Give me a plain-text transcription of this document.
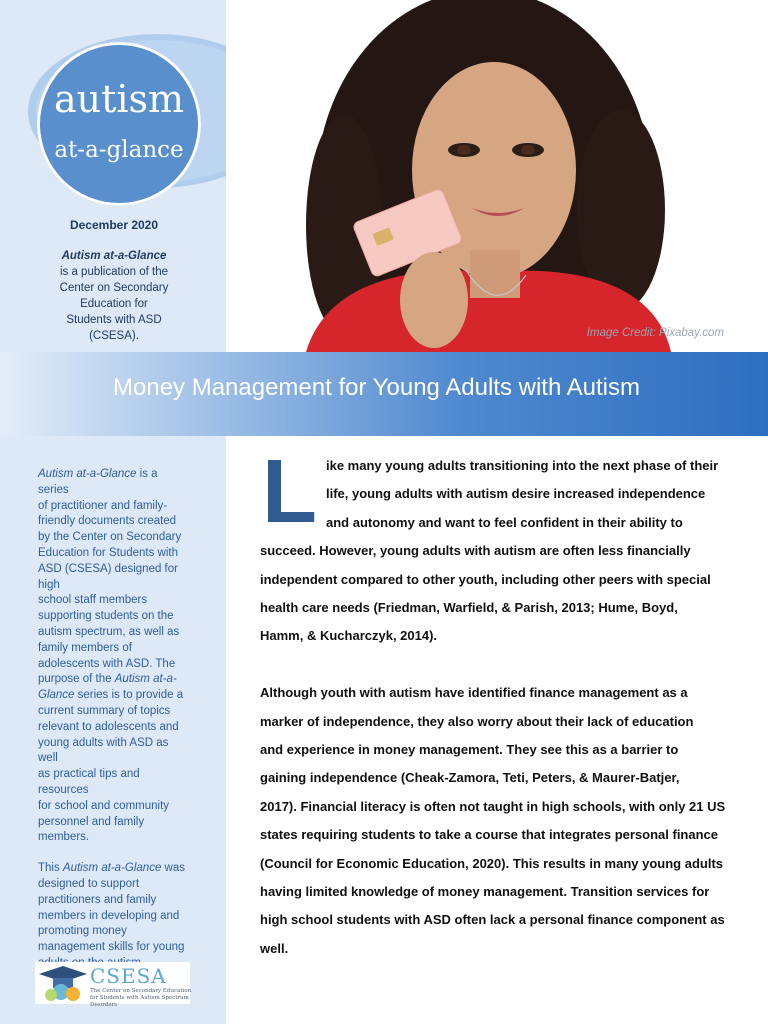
autism
at-a-glance
December 2020
Autism at-a-Glance
is a publication of the
Center on Secondary
Education for
Students with ASD
(CSESA).	Image Credit: Pixabay.com
Money Management for Young Adults with Autism

Autism at-a-Glance is a series
of practitioner and family-
friendly documents created
by the Center on Secondary
Education for Students with
ASD (CSESA) designed for high
school staff members
supporting students on the
autism spectrum, as well as
family members of
adolescents with ASD. The
purpose of the Autism at-a-
Glance series is to provide a
current summary of topics
relevant to adolescents and
young adults with ASD as well
as practical tips and resources
for school and community
personnel and family
members.

This Autism at-a-Glance was
designed to support
practitioners and family
members in developing and
promoting money
management skills for young

CSESA
The Center on Secondary Education for Students with Autism Spectrum Disorders
L ike many young adults transitioning into the next phase of their
life, young adults with autism desire increased independence
and autonomy and want to feel confident in their ability to
succeed. However, young adults with autism are often less financially
independent compared to other youth, including other peers with special
health care needs (Friedman, Warfield, & Parish, 2013; Hume, Boyd,
Hamm, & Kucharczyk, 2014).
Although youth with autism have identified finance management as a
marker of independence, they also worry about their lack of education
and experience in money management. They see this as a barrier to
gaining independence (Cheak-Zamora, Teti, Peters, & Maurer-Batjer,
2017). Financial literacy is often not taught in high schools, with only 21 US
states requiring students to take a course that integrates personal finance
(Council for Economic Education, 2020). This results in many young adults
having limited knowledge of money management. Transition services for
high school students with ASD often lack a personal finance component as
well.
